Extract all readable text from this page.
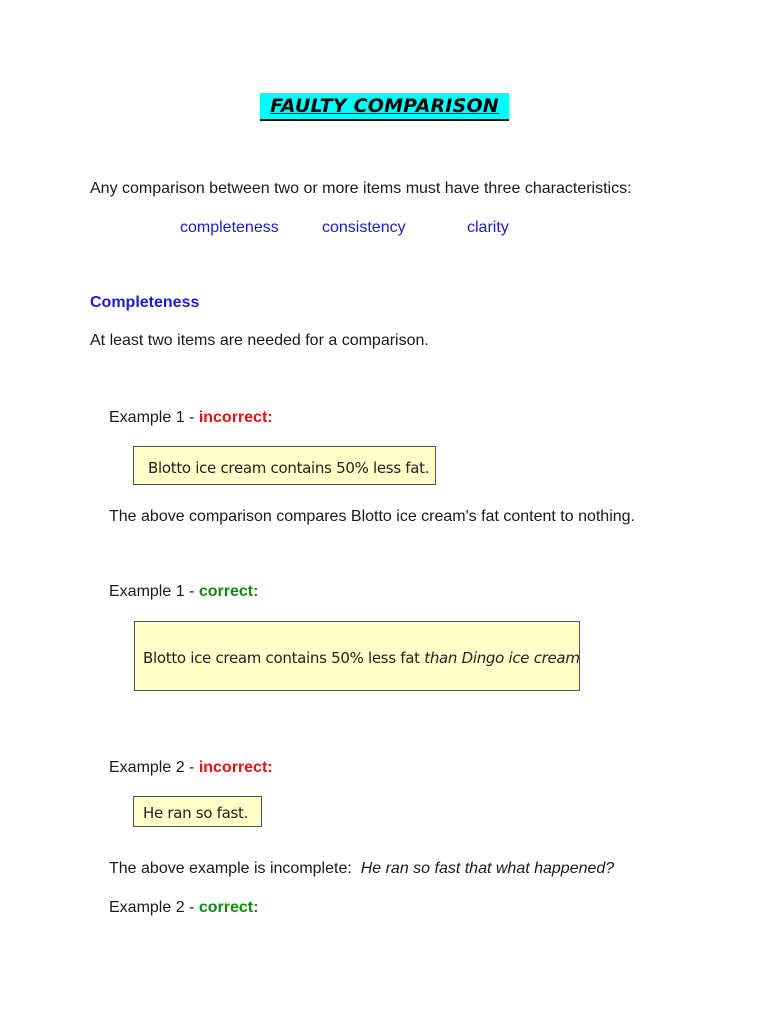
FAULTY COMPARISON
Any comparison between two or more items must have three characteristics:
completeness	consistency	clarity
Completeness
At least two items are needed for a comparison.
Example 1 - incorrect:
Blotto ice cream contains 50% less fat.
The above comparison compares Blotto ice cream's fat content to nothing.
Example 1 - correct:
Blotto ice cream contains 50% less fat than Dingo ice cream
Example 2 - incorrect:
He ran so fast.
The above example is incomplete: He ran so fast that what happened?
Example 2 - correct:
